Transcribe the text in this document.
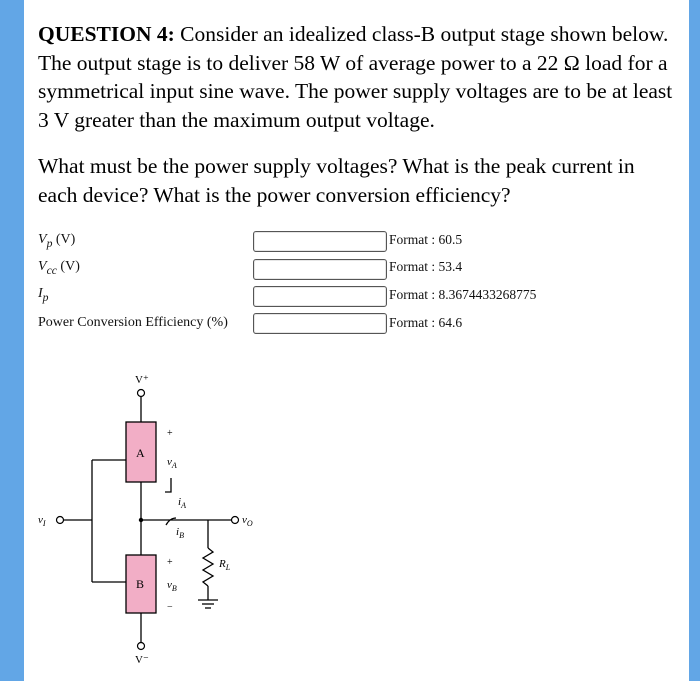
QUESTION 4: Consider an idealized class-B output stage shown below. The output stage is to deliver 58 W of average power to a 22 Ω load for a symmetrical input sine wave. The power supply voltages are to be at least 3 V greater than the maximum output voltage.
What must be the power supply voltages? What is the peak current in each device? What is the power conversion efficiency?
$V_p$ (V)	Format : 60.5
$V_{cc}$ (V)	Format : 53.4
$I_p$	Format : 8.3674433268775
Power Conversion Efficiency (%)	Format : 64.6
V⁺
V⁻
A
B
+
$v_A$
+
$v_B$
−
$i_A$
$i_B$
$R_L$
$v_I$	$v_O$
